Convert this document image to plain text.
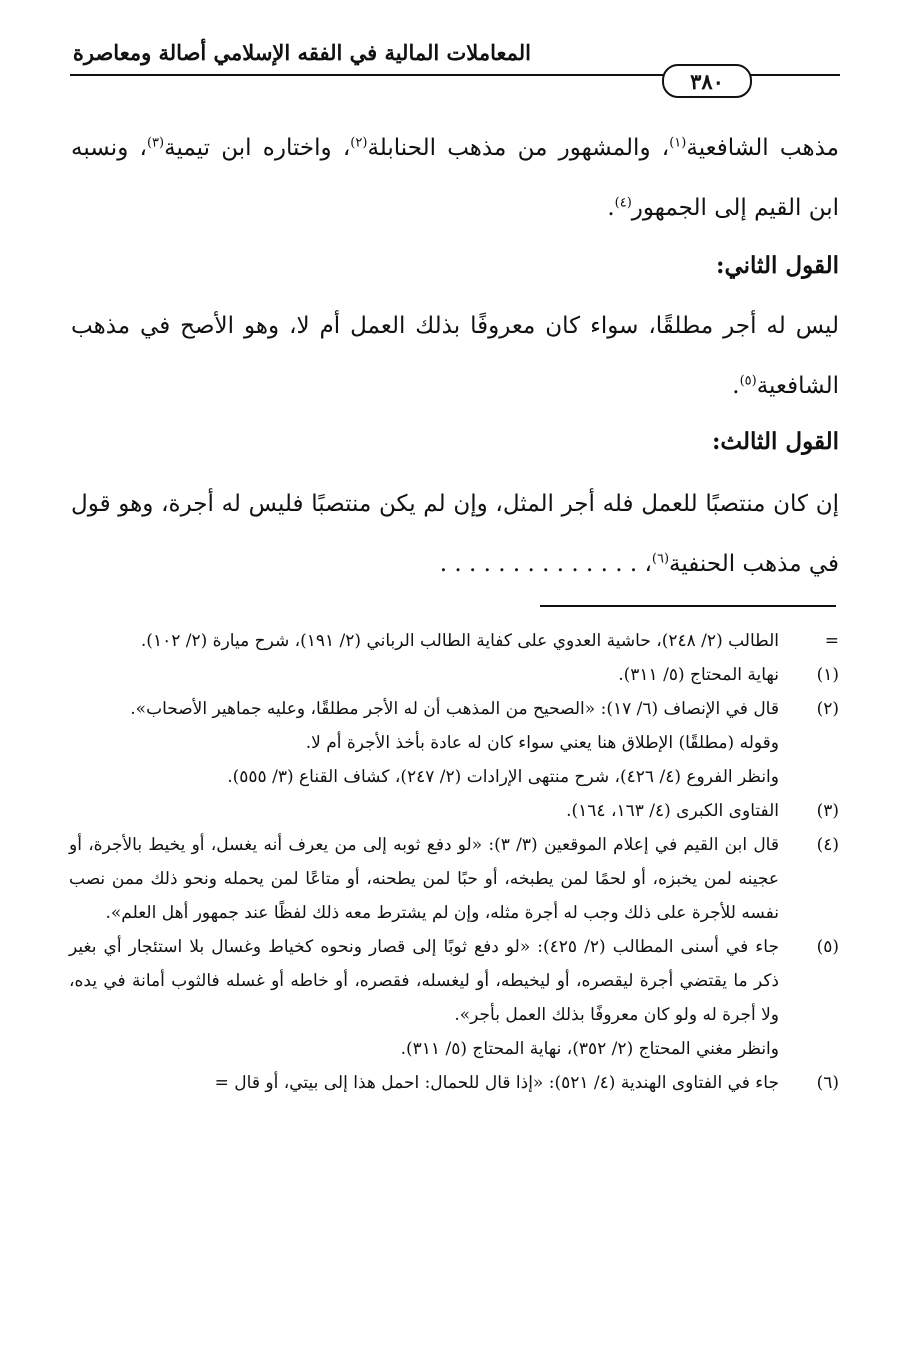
المعاملات المالية في الفقه الإسلامي أصالة ومعاصرة
٣٨٠

مذهب الشافعية$^{(١)}$، والمشهور من مذهب الحنابلة$^{(٢)}$، واختاره ابن تيمية$^{(٣)}$، ونسبه ابن القيم إلى الجمهور$^{(٤)}$.

القول الثاني:

ليس له أجر مطلقًا، سواء كان معروفًا بذلك العمل أم لا، وهو الأصح في مذهب الشافعية$^{(٥)}$.

القول الثالث:

إن كان منتصبًا للعمل فله أجر المثل، وإن لم يكن منتصبًا فليس له أجرة، وهو قول في مذهب الحنفية$^{(٦)}$، . . . . . . . . . . . . . .

=
الطالب (٢/ ٢٤٨)، حاشية العدوي على كفاية الطالب الرباني (٢/ ١٩١)، شرح ميارة (٢/ ١٠٢).

(١)
نهاية المحتاج (٥/ ٣١١).

(٢)
قال في الإنصاف (٦/ ١٧): «الصحيح من المذهب أن له الأجر مطلقًا، وعليه جماهير الأصحاب».

وقوله (مطلقًا) الإطلاق هنا يعني سواء كان له عادة بأخذ الأجرة أم لا.

وانظر الفروع (٤/ ٤٢٦)، شرح منتهى الإرادات (٢/ ٢٤٧)، كشاف القناع (٣/ ٥٥٥).

(٣)
الفتاوى الكبرى (٤/ ١٦٣، ١٦٤).

(٤)
قال ابن القيم في إعلام الموقعين (٣/ ٣): «لو دفع ثوبه إلى من يعرف أنه يغسل، أو يخيط بالأجرة، أو عجينه لمن يخبزه، أو لحمًا لمن يطبخه، أو حبًا لمن يطحنه، أو متاعًا لمن يحمله ونحو ذلك ممن نصب نفسه للأجرة على ذلك وجب له أجرة مثله، وإن لم يشترط معه ذلك لفظًا عند جمهور أهل العلم».

(٥)
جاء في أسنى المطالب (٢/ ٤٢٥): «لو دفع ثوبًا إلى قصار ونحوه كخياط وغسال بلا استئجار أي بغير ذكر ما يقتضي أجرة ليقصره، أو ليخيطه، أو ليغسله، فقصره، أو خاطه أو غسله فالثوب أمانة في يده، ولا أجرة له ولو كان معروفًا بذلك العمل بأجر».

وانظر مغني المحتاج (٢/ ٣٥٢)، نهاية المحتاج (٥/ ٣١١).

(٦)
جاء في الفتاوى الهندية (٤/ ٥٢١): «إذا قال للحمال: احمل هذا إلى بيتي، أو قال =
